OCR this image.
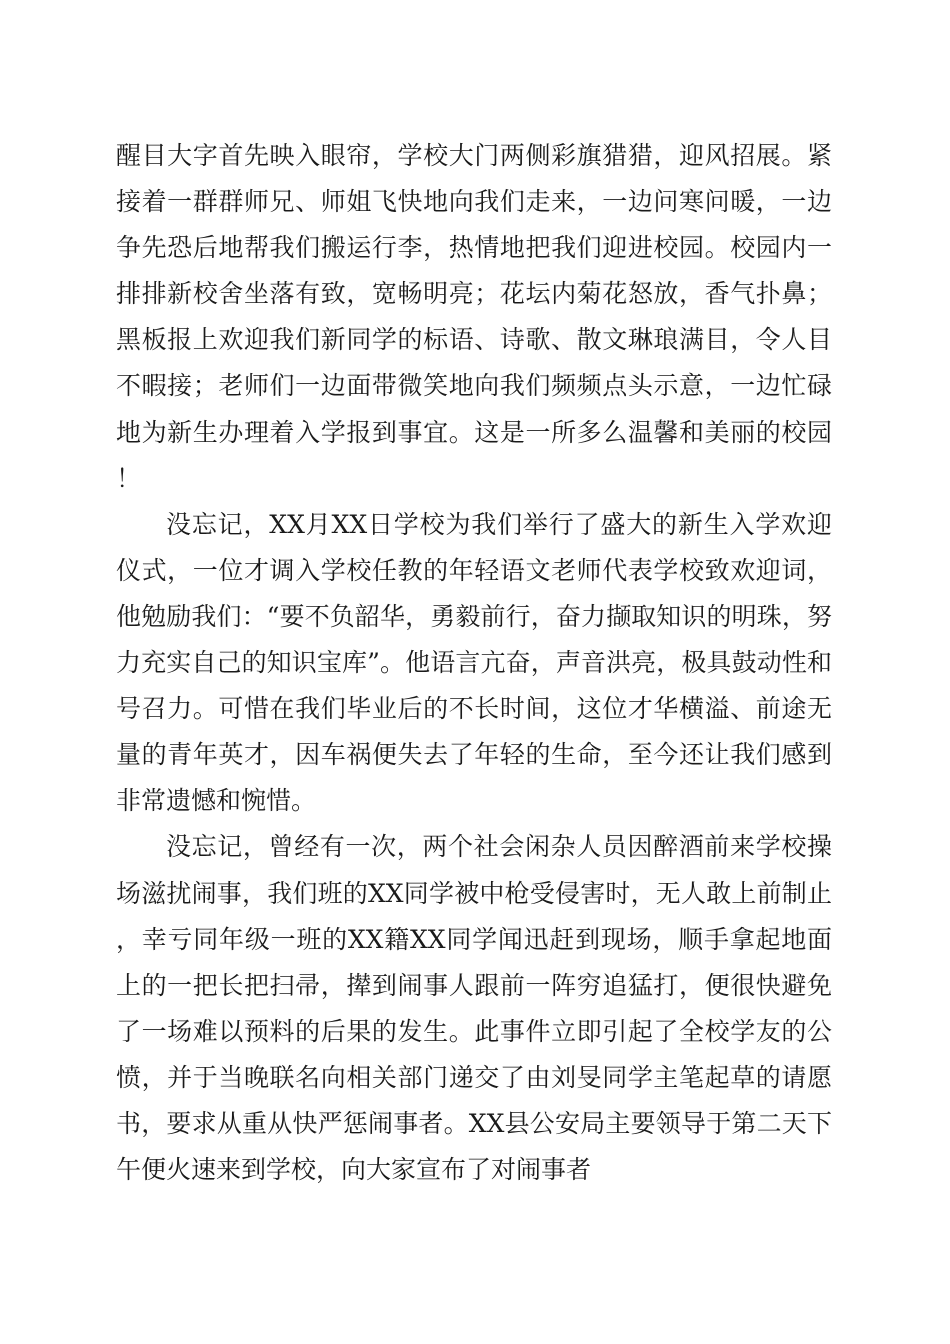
醒目大字首先映入眼帘，学校大门两侧彩旗猎猎，迎风招展。紧接着一群群师兄、师姐飞快地向我们走来，一边问寒问暖，一边争先恐后地帮我们搬运行李，热情地把我们迎进校园。校园内一排排新校舍坐落有致，宽畅明亮；花坛内菊花怒放，香气扑鼻；黑板报上欢迎我们新同学的标语、诗歌、散文琳琅满目，令人目不暇接；老师们一边面带微笑地向我们频频点头示意，一边忙碌地为新生办理着入学报到事宜。这是一所多么温馨和美丽的校园！

没忘记，XX月XX日学校为我们举行了盛大的新生入学欢迎仪式，一位才调入学校任教的年轻语文老师代表学校致欢迎词，他勉励我们：“要不负韶华，勇毅前行，奋力撷取知识的明珠，努力充实自己的知识宝库”。他语言亢奋，声音洪亮，极具鼓动性和号召力。可惜在我们毕业后的不长时间，这位才华横溢、前途无量的青年英才，因车祸便失去了年轻的生命，至今还让我们感到非常遗憾和惋惜。

没忘记，曾经有一次，两个社会闲杂人员因醉酒前来学校操场滋扰闹事，我们班的XX同学被中枪受侵害时，无人敢上前制止，幸亏同年级一班的XX籍XX同学闻迅赶到现场，顺手拿起地面上的一把长把扫帚，撵到闹事人跟前一阵穷追猛打，便很快避免了一场难以预料的后果的发生。此事件立即引起了全校学友的公愤，并于当晚联名向相关部门递交了由刘旻同学主笔起草的请愿书，要求从重从快严惩闹事者。XX县公安局主要领导于第二天下午便火速来到学校，向大家宣布了对闹事者
